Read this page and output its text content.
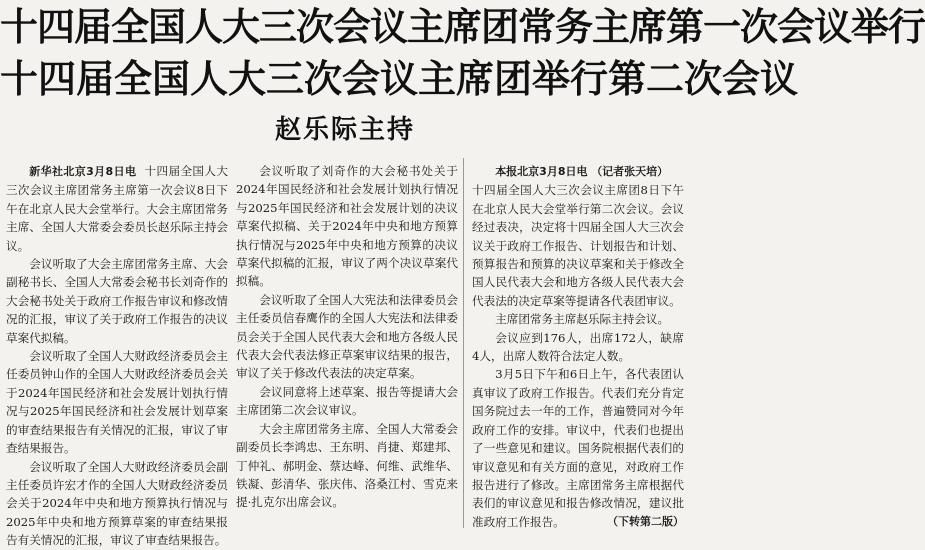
十四届全国人大三次会议主席团常务主席第一次会议举行
十四届全国人大三次会议主席团举行第二次会议
赵乐际主持

新华社北京3月8日电 十四届全国人大三次会议主席团常务主席第一次会议8日下午在北京人民大会堂举行。大会主席团常务主席、全国人大常委会委员长赵乐际主持会议。

会议听取了大会主席团常务主席、大会副秘书长、全国人大常委会秘书长刘奇作的大会秘书处关于政府工作报告审议和修改情况的汇报，审议了关于政府工作报告的决议草案代拟稿。

会议听取了全国人大财政经济委员会主任委员钟山作的全国人大财政经济委员会关于2024年国民经济和社会发展计划执行情况与2025年国民经济和社会发展计划草案的审查结果报告有关情况的汇报，审议了审查结果报告。

会议听取了全国人大财政经济委员会副主任委员许宏才作的全国人大财政经济委员会关于2024年中央和地方预算执行情况与2025年中央和地方预算草案的审查结果报告有关情况的汇报，审议了审查结果报告。

会议听取了刘奇作的大会秘书处关于2024年国民经济和社会发展计划执行情况与2025年国民经济和社会发展计划的决议草案代拟稿、关于2024年中央和地方预算执行情况与2025年中央和地方预算的决议草案代拟稿的汇报，审议了两个决议草案代拟稿。

会议听取了全国人大宪法和法律委员会主任委员信春鹰作的全国人大宪法和法律委员会关于全国人民代表大会和地方各级人民代表大会代表法修正草案审议结果的报告，审议了关于修改代表法的决定草案。

会议同意将上述草案、报告等提请大会主席团第二次会议审议。

大会主席团常务主席、全国人大常委会副委员长李鸿忠、王东明、肖捷、郑建邦、丁仲礼、郝明金、蔡达峰、何维、武维华、铁凝、彭清华、张庆伟、洛桑江村、雪克来提·扎克尔出席会议。

本报北京3月8日电 （记者张天培）

十四届全国人大三次会议主席团8日下午在北京人民大会堂举行第二次会议。会议经过表决，决定将十四届全国人大三次会议关于政府工作报告、计划报告和计划、预算报告和预算的决议草案和关于修改全国人民代表大会和地方各级人民代表大会代表法的决定草案等提请各代表团审议。

主席团常务主席赵乐际主持会议。

会议应到176人，出席172人，缺席4人，出席人数符合法定人数。

3月5日下午和6日上午，各代表团认真审议了政府工作报告。代表们充分肯定国务院过去一年的工作，普遍赞同对今年政府工作的安排。审议中，代表们也提出了一些意见和建议。国务院根据代表们的审议意见和有关方面的意见，对政府工作报告进行了修改。主席团常务主席根据代表们的审议意见和报告修改情况，建议批准政府工作报告。	（下转第二版）
